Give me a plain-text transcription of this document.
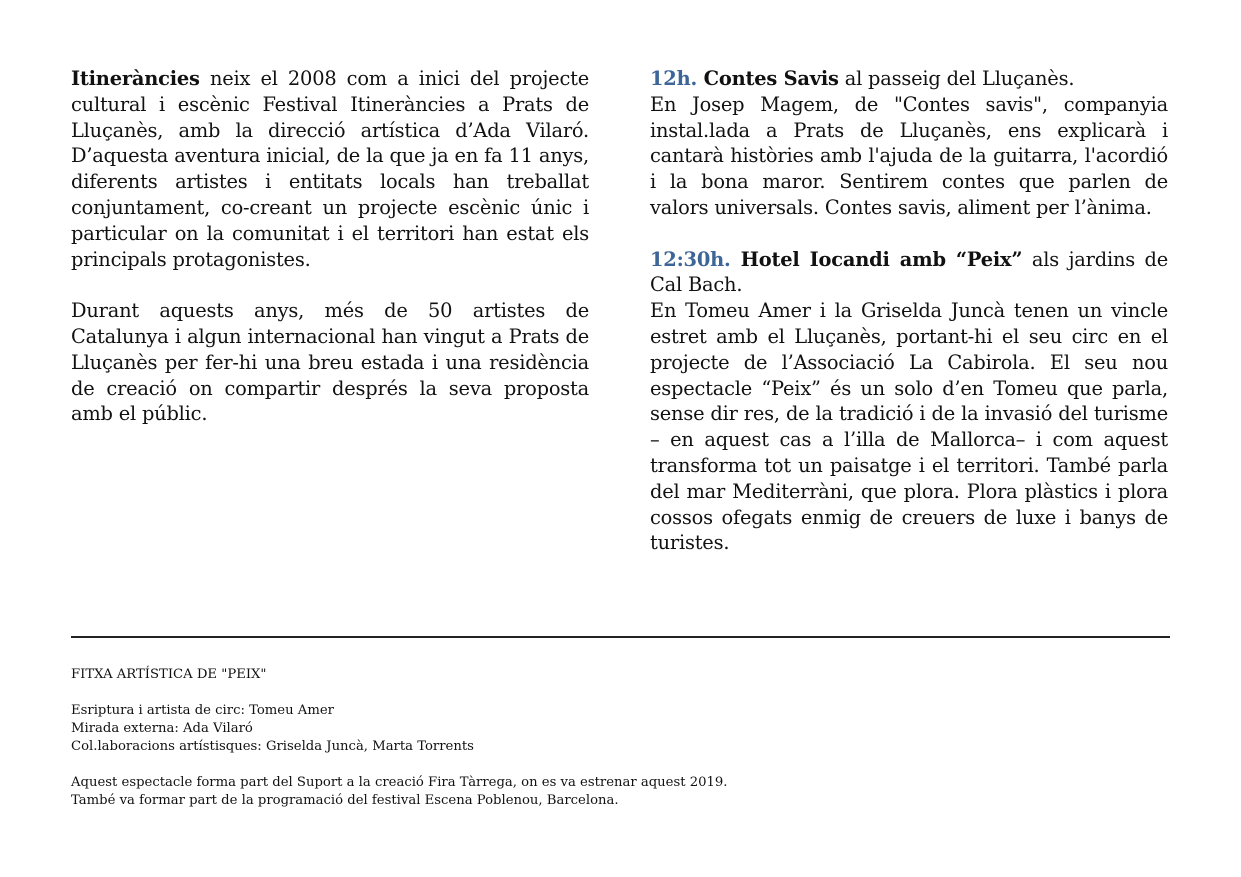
Itineràncies neix el 2008 com a inici del projecte cultural i escènic Festival Itineràncies a Prats de Lluçanès, amb la direcció artística d’Ada Vilaró. D’aquesta aventura inicial, de la que ja en fa 11 anys, diferents artistes i entitats locals han treballat conjuntament, co-creant un projecte escènic únic i particular on la comunitat i el territori han estat els principals protagonistes.

Durant aquests anys, més de 50 artistes de Catalunya i algun internacional han vingut a Prats de Lluçanès per fer-hi una breu estada i una residència de creació on compartir després la seva proposta amb el públic.

12h. Contes Savis al passeig del Lluçanès.

En Josep Magem, de "Contes savis", companyia instal.lada a Prats de Lluçanès, ens explicarà i cantarà històries amb l'ajuda de la guitarra, l'acordió i la bona maror. Sentirem contes que parlen de valors universals. Contes savis, aliment per l’ànima.

12:30h. Hotel Iocandi amb “Peix” als jardins de Cal Bach.

En Tomeu Amer i la Griselda Juncà tenen un vincle estret amb el Lluçanès, portant-hi el seu circ en el projecte de l’Associació La Cabirola. El seu nou espectacle “Peix” és un solo d’en Tomeu que parla, sense dir res, de la tradició i de la invasió del turisme – en aquest cas a l’illa de Mallorca– i com aquest transforma tot un paisatge i el territori. També parla del mar Mediterràni, que plora. Plora plàstics i plora cossos ofegats enmig de creuers de luxe i banys de turistes.

FITXA ARTÍSTICA DE "PEIX"

Esriptura i artista de circ: Tomeu Amer

Mirada externa: Ada Vilaró

Col.laboracions artístisques: Griselda Juncà, Marta Torrents

Aquest espectacle forma part del Suport a la creació Fira Tàrrega, on es va estrenar aquest 2019.

També va formar part de la programació del festival Escena Poblenou, Barcelona.
